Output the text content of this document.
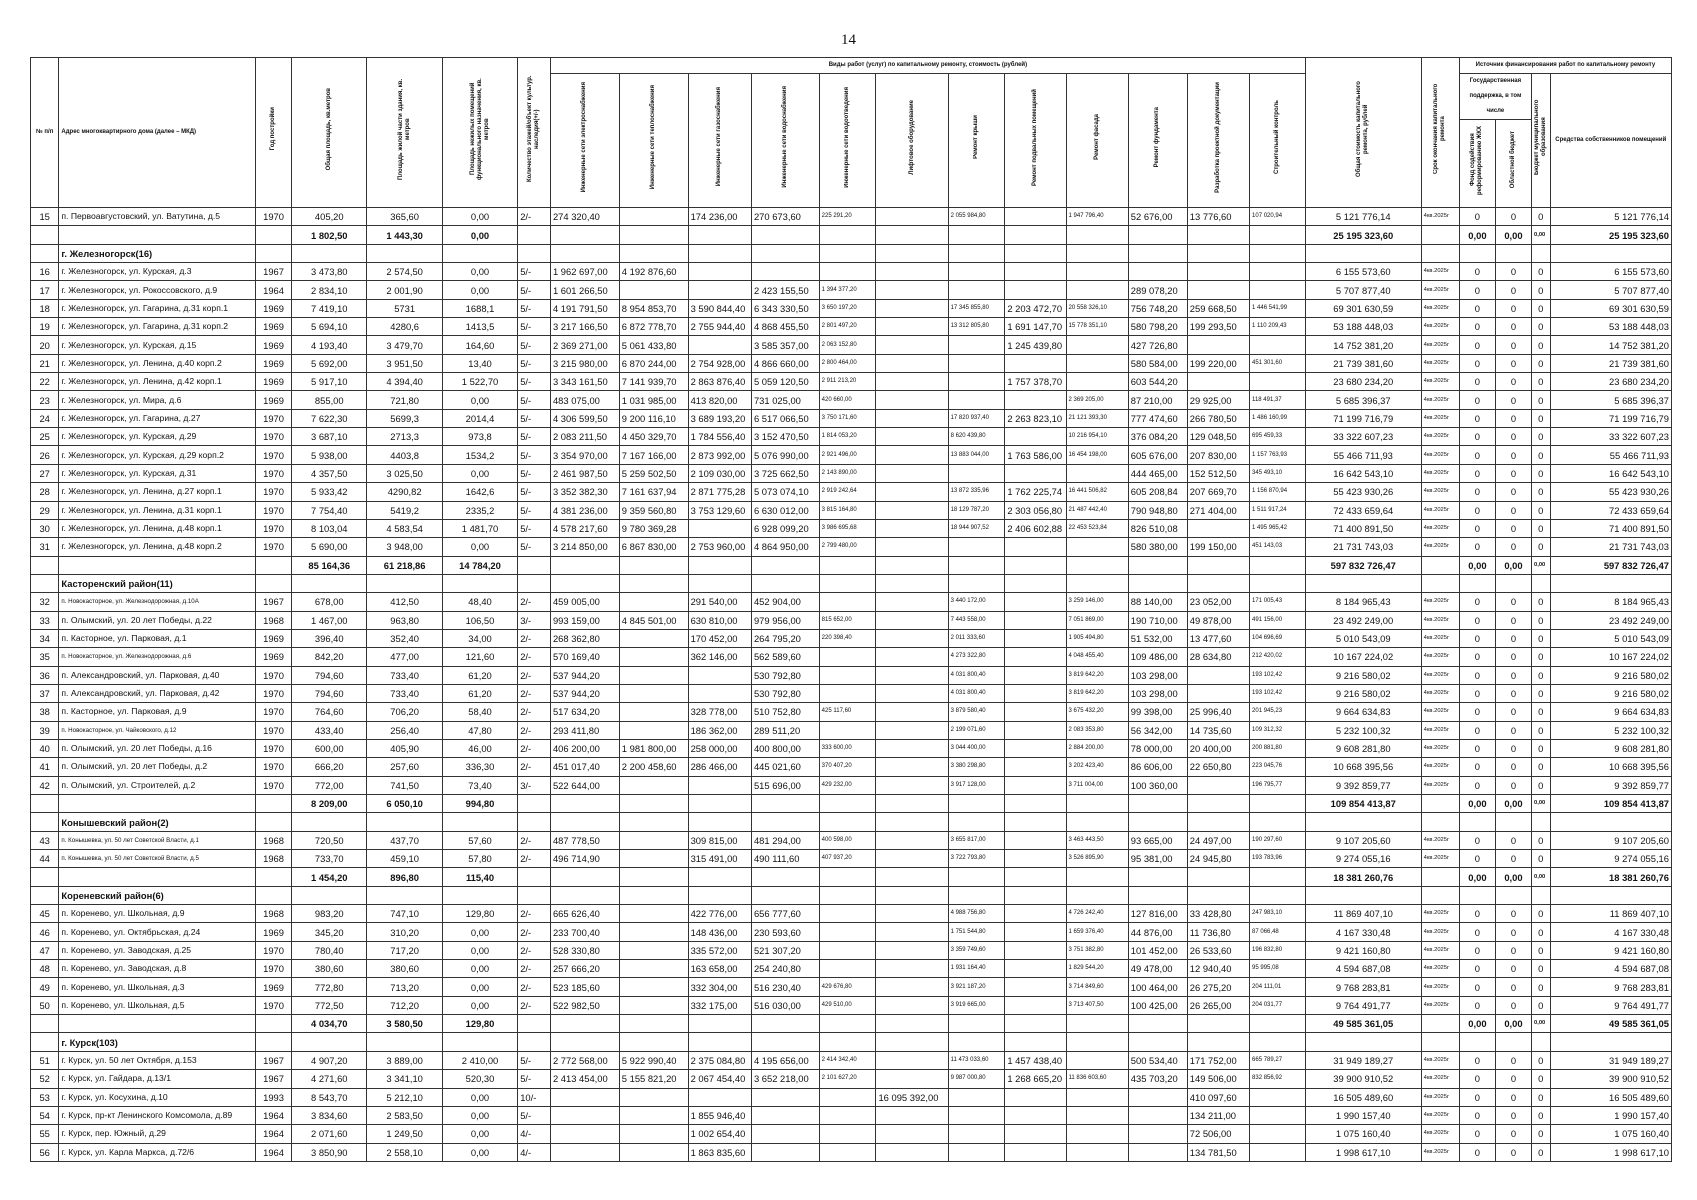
14
№ п/п	Адрес многоквартирного дома (далее – МКД)	Год постройки	Общая площадь, кв.метров	Площадь жилой части здания, кв. метров	Площадь нежилых помещений функционального назначения, кв. метров	Количество этажей/объект культур. наследия(+/-)	Виды работ (услуг) по капитальному ремонту, стоимость (рублей)												Общая стоимость капитального ремонта, рублей	Срок окончания капитального ремонта	Источник финансирования работ по капитальному ремонту			
							Инженерные сети электроснабжения	Инженерные сети теплоснабжения	Инженерные сети газоснабжения	Инженерные сети водоснабжения	Инженерные сети водоотведения	Лифтовое оборудование	Ремонт крыши	Ремонт подвальных помещений	Ремонт фасада	Ремонт фундамента	Разработка проектной документации	Строительный контроль			Государственная поддержка, в том числе		Бюджет муниципального образования	Средства собственников помещений
																					Фонд содействия реформированию ЖКХ	Областной бюджет		
15	п. Первоавгустовский, ул. Ватутина, д.5	1970	405,20	365,60	0,00	2/-	274 320,40		174 236,00	270 673,60	225 291,20		2 055 984,80		1 947 796,40	52 676,00	13 776,60	107 020,94	5 121 776,14	4кв.2025г	0	0	0	5 121 776,14
			1 802,50	1 443,30	0,00														25 195 323,60		0,00	0,00	0,00	25 195 323,60
	г. Железногорск(16)																							
16	г. Железногорск, ул. Курская, д.3	1967	3 473,80	2 574,50	0,00	5/-	1 962 697,00	4 192 876,60											6 155 573,60	4кв.2025г	0	0	0	6 155 573,60
17	г. Железногорск, ул. Рокоссовского, д.9	1964	2 834,10	2 001,90	0,00	5/-	1 601 266,50			2 423 155,50	1 394 377,20					289 078,20			5 707 877,40	4кв.2025г	0	0	0	5 707 877,40
18	г. Железногорск, ул. Гагарина, д.31 корп.1	1969	7 419,10	5731	1688,1	5/-	4 191 791,50	8 954 853,70	3 590 844,40	6 343 330,50	3 650 197,20		17 345 855,80	2 203 472,70	20 558 326,10	756 748,20	259 668,50	1 446 541,99	69 301 630,59	4кв.2025г	0	0	0	69 301 630,59
19	г. Железногорск, ул. Гагарина, д.31 корп.2	1969	5 694,10	4280,6	1413,5	5/-	3 217 166,50	6 872 778,70	2 755 944,40	4 868 455,50	2 801 497,20		13 312 805,80	1 691 147,70	15 778 351,10	580 798,20	199 293,50	1 110 209,43	53 188 448,03	4кв.2025г	0	0	0	53 188 448,03
20	г. Железногорск, ул. Курская, д.15	1969	4 193,40	3 479,70	164,60	5/-	2 369 271,00	5 061 433,80		3 585 357,00	2 063 152,80			1 245 439,80		427 726,80			14 752 381,20	4кв.2025г	0	0	0	14 752 381,20
21	г. Железногорск, ул. Ленина, д.40 корп.2	1969	5 692,00	3 951,50	13,40	5/-	3 215 980,00	6 870 244,00	2 754 928,00	4 866 660,00	2 800 464,00					580 584,00	199 220,00	451 301,60	21 739 381,60	4кв.2025г	0	0	0	21 739 381,60
22	г. Железногорск, ул. Ленина, д.42 корп.1	1969	5 917,10	4 394,40	1 522,70	5/-	3 343 161,50	7 141 939,70	2 863 876,40	5 059 120,50	2 911 213,20			1 757 378,70		603 544,20			23 680 234,20	4кв.2025г	0	0	0	23 680 234,20
23	г. Железногорск, ул. Мира, д.6	1969	855,00	721,80	0,00	5/-	483 075,00	1 031 985,00	413 820,00	731 025,00	420 660,00				2 369 205,00	87 210,00	29 925,00	118 491,37	5 685 396,37	4кв.2025г	0	0	0	5 685 396,37
24	г. Железногорск, ул. Гагарина, д.27	1970	7 622,30	5699,3	2014,4	5/-	4 306 599,50	9 200 116,10	3 689 193,20	6 517 066,50	3 750 171,60		17 820 937,40	2 263 823,10	21 121 393,30	777 474,60	266 780,50	1 486 160,99	71 199 716,79	4кв.2025г	0	0	0	71 199 716,79
25	г. Железногорск, ул. Курская, д.29	1970	3 687,10	2713,3	973,8	5/-	2 083 211,50	4 450 329,70	1 784 556,40	3 152 470,50	1 814 053,20		8 620 439,80		10 216 954,10	376 084,20	129 048,50	695 459,33	33 322 607,23	4кв.2025г	0	0	0	33 322 607,23
26	г. Железногорск, ул. Курская, д.29 корп.2	1970	5 938,00	4403,8	1534,2	5/-	3 354 970,00	7 167 166,00	2 873 992,00	5 076 990,00	2 921 496,00		13 883 044,00	1 763 586,00	16 454 198,00	605 676,00	207 830,00	1 157 763,93	55 466 711,93	4кв.2025г	0	0	0	55 466 711,93
27	г. Железногорск, ул. Курская, д.31	1970	4 357,50	3 025,50	0,00	5/-	2 461 987,50	5 259 502,50	2 109 030,00	3 725 662,50	2 143 890,00					444 465,00	152 512,50	345 493,10	16 642 543,10	4кв.2025г	0	0	0	16 642 543,10
28	г. Железногорск, ул. Ленина, д.27 корп.1	1970	5 933,42	4290,82	1642,6	5/-	3 352 382,30	7 161 637,94	2 871 775,28	5 073 074,10	2 919 242,64		13 872 335,96	1 762 225,74	16 441 506,82	605 208,84	207 669,70	1 156 870,94	55 423 930,26	4кв.2025г	0	0	0	55 423 930,26
29	г. Железногорск, ул. Ленина, д.31 корп.1	1970	7 754,40	5419,2	2335,2	5/-	4 381 236,00	9 359 560,80	3 753 129,60	6 630 012,00	3 815 164,80		18 129 787,20	2 303 056,80	21 487 442,40	790 948,80	271 404,00	1 511 917,24	72 433 659,64	4кв.2025г	0	0	0	72 433 659,64
30	г. Железногорск, ул. Ленина, д.48 корп.1	1970	8 103,04	4 583,54	1 481,70	5/-	4 578 217,60	9 780 369,28		6 928 099,20	3 986 695,68		18 944 907,52	2 406 602,88	22 453 523,84	826 510,08		1 495 965,42	71 400 891,50	4кв.2025г	0	0	0	71 400 891,50
31	г. Железногорск, ул. Ленина, д.48 корп.2	1970	5 690,00	3 948,00	0,00	5/-	3 214 850,00	6 867 830,00	2 753 960,00	4 864 950,00	2 799 480,00					580 380,00	199 150,00	451 143,03	21 731 743,03	4кв.2025г	0	0	0	21 731 743,03
			85 164,36	61 218,86	14 784,20														597 832 726,47		0,00	0,00	0,00	597 832 726,47
	Касторенский район(11)																							
32	п. Новокасторное, ул. Железнодорожная, д.10А	1967	678,00	412,50	48,40	2/-	459 005,00		291 540,00	452 904,00			3 440 172,00		3 259 146,00	88 140,00	23 052,00	171 005,43	8 184 965,43	4кв.2025г	0	0	0	8 184 965,43
33	п. Олымский, ул. 20 лет Победы, д.22	1968	1 467,00	963,80	106,50	3/-	993 159,00	4 845 501,00	630 810,00	979 956,00	815 652,00		7 443 558,00		7 051 869,00	190 710,00	49 878,00	491 156,00	23 492 249,00	4кв.2025г	0	0	0	23 492 249,00
34	п. Касторное, ул. Парковая, д.1	1969	396,40	352,40	34,00	2/-	268 362,80		170 452,00	264 795,20	220 398,40		2 011 333,60		1 905 494,80	51 532,00	13 477,60	104 696,69	5 010 543,09	4кв.2025г	0	0	0	5 010 543,09
35	п. Новокасторное, ул. Железнодорожная, д.6	1969	842,20	477,00	121,60	2/-	570 169,40		362 146,00	562 589,60			4 273 322,80		4 048 455,40	109 486,00	28 634,80	212 420,02	10 167 224,02	4кв.2025г	0	0	0	10 167 224,02
36	п. Александровский, ул. Парковая, д.40	1970	794,60	733,40	61,20	2/-	537 944,20			530 792,80			4 031 800,40		3 819 642,20	103 298,00		193 102,42	9 216 580,02	4кв.2025г	0	0	0	9 216 580,02
37	п. Александровский, ул. Парковая, д.42	1970	794,60	733,40	61,20	2/-	537 944,20			530 792,80			4 031 800,40		3 819 642,20	103 298,00		193 102,42	9 216 580,02	4кв.2025г	0	0	0	9 216 580,02
38	п. Касторное, ул. Парковая, д.9	1970	764,60	706,20	58,40	2/-	517 634,20		328 778,00	510 752,80	425 117,60		3 879 580,40		3 675 432,20	99 398,00	25 996,40	201 945,23	9 664 634,83	4кв.2025г	0	0	0	9 664 634,83
39	п. Новокасторное, ул. Чайковского, д.12	1970	433,40	256,40	47,80	2/-	293 411,80		186 362,00	289 511,20			2 199 071,60		2 083 353,80	56 342,00	14 735,60	109 312,32	5 232 100,32	4кв.2025г	0	0	0	5 232 100,32
40	п. Олымский, ул. 20 лет Победы, д.16	1970	600,00	405,90	46,00	2/-	406 200,00	1 981 800,00	258 000,00	400 800,00	333 600,00		3 044 400,00		2 884 200,00	78 000,00	20 400,00	200 881,80	9 608 281,80	4кв.2025г	0	0	0	9 608 281,80
41	п. Олымский, ул. 20 лет Победы, д.2	1970	666,20	257,60	336,30	2/-	451 017,40	2 200 458,60	286 466,00	445 021,60	370 407,20		3 380 298,80		3 202 423,40	86 606,00	22 650,80	223 045,76	10 668 395,56	4кв.2025г	0	0	0	10 668 395,56
42	п. Олымский, ул. Строителей, д.2	1970	772,00	741,50	73,40	3/-	522 644,00			515 696,00	429 232,00		3 917 128,00		3 711 004,00	100 360,00		196 795,77	9 392 859,77	4кв.2025г	0	0	0	9 392 859,77
			8 209,00	6 050,10	994,80														109 854 413,87		0,00	0,00	0,00	109 854 413,87
	Конышевский район(2)																							
43	п. Конышевка, ул. 50 лет Советской Власти, д.1	1968	720,50	437,70	57,60	2/-	487 778,50		309 815,00	481 294,00	400 598,00		3 655 817,00		3 463 443,50	93 665,00	24 497,00	190 297,60	9 107 205,60	4кв.2025г	0	0	0	9 107 205,60
44	п. Конышевка, ул. 50 лет Советской Власти, д.5	1968	733,70	459,10	57,80	2/-	496 714,90		315 491,00	490 111,60	407 937,20		3 722 793,80		3 526 895,90	95 381,00	24 945,80	193 783,96	9 274 055,16	4кв.2025г	0	0	0	9 274 055,16
			1 454,20	896,80	115,40														18 381 260,76		0,00	0,00	0,00	18 381 260,76
	Кореневский район(6)																							
45	п. Коренево, ул. Школьная, д.9	1968	983,20	747,10	129,80	2/-	665 626,40		422 776,00	656 777,60			4 988 756,80		4 726 242,40	127 816,00	33 428,80	247 983,10	11 869 407,10	4кв.2025г	0	0	0	11 869 407,10
46	п. Коренево, ул. Октябрьская, д.24	1969	345,20	310,20	0,00	2/-	233 700,40		148 436,00	230 593,60			1 751 544,80		1 659 376,40	44 876,00	11 736,80	87 066,48	4 167 330,48	4кв.2025г	0	0	0	4 167 330,48
47	п. Коренево, ул. Заводская, д.25	1970	780,40	717,20	0,00	2/-	528 330,80		335 572,00	521 307,20			3 359 749,60		3 751 382,80	101 452,00	26 533,60	196 832,80	9 421 160,80	4кв.2025г	0	0	0	9 421 160,80
48	п. Коренево, ул. Заводская, д.8	1970	380,60	380,60	0,00	2/-	257 666,20		163 658,00	254 240,80			1 931 164,40		1 829 544,20	49 478,00	12 940,40	95 995,08	4 594 687,08	4кв.2025г	0	0	0	4 594 687,08
49	п. Коренево, ул. Школьная, д.3	1969	772,80	713,20	0,00	2/-	523 185,60		332 304,00	516 230,40	429 676,80		3 921 187,20		3 714 849,60	100 464,00	26 275,20	204 111,01	9 768 283,81	4кв.2025г	0	0	0	9 768 283,81
50	п. Коренево, ул. Школьная, д.5	1970	772,50	712,20	0,00	2/-	522 982,50		332 175,00	516 030,00	429 510,00		3 919 665,00		3 713 407,50	100 425,00	26 265,00	204 031,77	9 764 491,77	4кв.2025г	0	0	0	9 764 491,77
			4 034,70	3 580,50	129,80														49 585 361,05		0,00	0,00	0,00	49 585 361,05
	г. Курск(103)																							
51	г. Курск, ул. 50 лет Октября, д.153	1967	4 907,20	3 889,00	2 410,00	5/-	2 772 568,00	5 922 990,40	2 375 084,80	4 195 656,00	2 414 342,40		11 473 033,60	1 457 438,40		500 534,40	171 752,00	665 789,27	31 949 189,27	4кв.2025г	0	0	0	31 949 189,27
52	г. Курск, ул. Гайдара, д.13/1	1967	4 271,60	3 341,10	520,30	5/-	2 413 454,00	5 155 821,20	2 067 454,40	3 652 218,00	2 101 627,20		9 987 000,80	1 268 665,20	11 836 603,60	435 703,20	149 506,00	832 856,92	39 900 910,52	4кв.2025г	0	0	0	39 900 910,52
53	г. Курск, ул. Косухина, д.10	1993	8 543,70	5 212,10	0,00	10/-						16 095 392,00					410 097,60		16 505 489,60	4кв.2025г	0	0	0	16 505 489,60
54	г. Курск, пр-кт Ленинского Комсомола, д.89	1964	3 834,60	2 583,50	0,00	5/-			1 855 946,40								134 211,00		1 990 157,40	4кв.2025г	0	0	0	1 990 157,40
55	г. Курск, пер. Южный, д.29	1964	2 071,60	1 249,50	0,00	4/-			1 002 654,40								72 506,00		1 075 160,40	4кв.2025г	0	0	0	1 075 160,40
56	г. Курск, ул. Карла Маркса, д.72/6	1964	3 850,90	2 558,10	0,00	4/-			1 863 835,60								134 781,50		1 998 617,10	4кв.2025г	0	0	0	1 998 617,10
